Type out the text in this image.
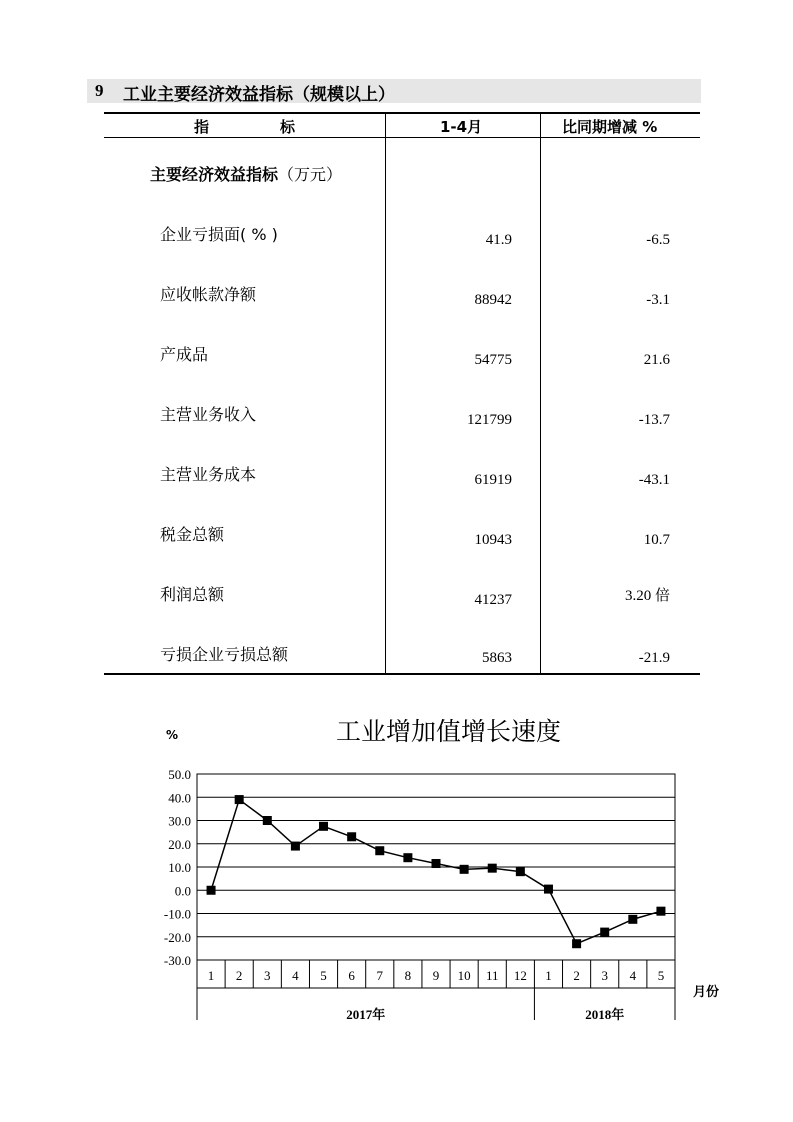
9 工业主要经济效益指标（规模以上）
指	标	1-4月	比同期增减 %
主要经济效益指标（万元）
企业亏损面( % )	41.9	-6.5
应收帐款净额	88942	-3.1
产成品	54775	21.6
主营业务收入	121799	-13.7
主营业务成本	61919	-43.1
税金总额	10943	10.7
利润总额	41237	3.20 倍
亏损企业亏损总额	5863	-21.9
工业增加值增长速度
%
50.0
40.0
30.0
20.0
10.0
0.0
-10.0
-20.0
-30.0
1 2 3 4 5 6 7 8 9 10 11 12 1 2 3 4 5
2017年	2018年
月份
